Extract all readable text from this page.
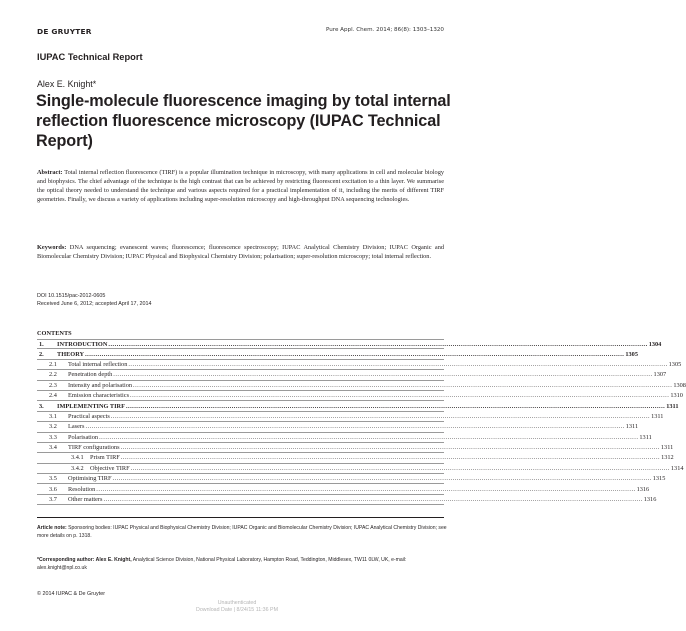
DE GRUYTER	Pure Appl. Chem. 2014; 86(8): 1303–1320
IUPAC Technical Report
Alex E. Knight*
Single-molecule fluorescence imaging by total internal reflection fluorescence microscopy (IUPAC Technical Report)

Abstract: Total internal reflection fluorescence (TIRF) is a popular illumination technique in microscopy, with many applications in cell and molecular biology and biophysics. The chief advantage of the technique is the high contrast that can be achieved by restricting fluorescent excitation to a thin layer. We summarise the optical theory needed to understand the technique and various aspects required for a practical implementation of it, including the merits of different TIRF geometries. Finally, we discuss a variety of applications including super-resolution microscopy and high-throughput DNA sequencing technologies.

Keywords: DNA sequencing; evanescent waves; fluorescence; fluorescence spectroscopy; IUPAC Analytical Chemistry Division; IUPAC Organic and Biomolecular Chemistry Division; IUPAC Physical and Biophysical Chemistry Division; polarisation; super-resolution microscopy; total internal reflection.

DOI 10.1515/pac-2012-0605
Received June 6, 2012; accepted April 17, 2014
CONTENTS
1.	INTRODUCTION .................................................................................................................................................................................................................................................................... 1304
2.	THEORY .................................................................................................................................................................................................................................................................... 1305
2.1	Total internal reflection .................................................................................................................................................................................................................................................................... 1305
2.2	Penetration depth .................................................................................................................................................................................................................................................................... 1307
2.3	Intensity and polarisation .................................................................................................................................................................................................................................................................... 1308
2.4	Emission characteristics .................................................................................................................................................................................................................................................................... 1310
3.	IMPLEMENTING TIRF .................................................................................................................................................................................................................................................................... 1311
3.1	Practical aspects .................................................................................................................................................................................................................................................................... 1311
3.2	Lasers .................................................................................................................................................................................................................................................................... 1311
3.3	Polarisation .................................................................................................................................................................................................................................................................... 1311
3.4	TIRF configurations .................................................................................................................................................................................................................................................................... 1311
3.4.1	Prism TIRF .................................................................................................................................................................................................................................................................... 1312
3.4.2	Objective TIRF .................................................................................................................................................................................................................................................................... 1314
3.5	Optimising TIRF .................................................................................................................................................................................................................................................................... 1315
3.6	Resolution .................................................................................................................................................................................................................................................................... 1316
3.7	Other matters .................................................................................................................................................................................................................................................................... 1316

Article note: Sponsoring bodies: IUPAC Physical and Biophysical Chemistry Division; IUPAC Organic and Biomolecular Chemistry Division; IUPAC Analytical Chemistry Division; see more details on p. 1318.

*Corresponding author: Alex E. Knight, Analytical Science Division, National Physical Laboratory, Hampton Road, Teddington, Middlesex, TW11 0LW, UK, e-mail: alex.knight@npl.co.uk

© 2014 IUPAC & De Gruyter
Unauthenticated
Download Date | 8/24/15 11:36 PM
